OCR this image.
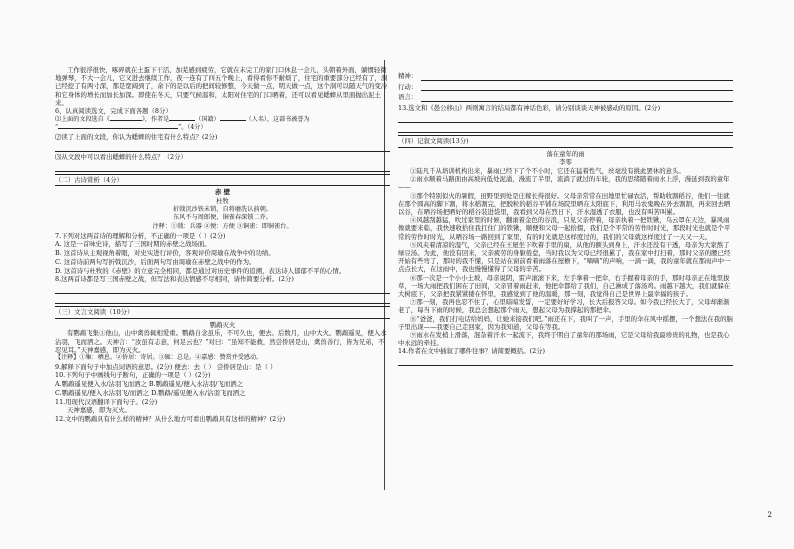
工作很浮很快，啄碎就在土蛋下干活，加芜感到疲劳，它就在未完工的家门口休息一会儿，头朝着外面，躺惯轻微地弹琴，不大一会儿，它又进去继续工作，夜一连有了四五个晚上，看得看你不耐烦了，住宅的重要部分已经有了，洞已经挖了有两寸深，那是宽阔到了，余下的是以后的把间较修整，今天做一点，明天做一点，这个洞可以随天气的变冷和它身体的增长而加长加深。即使在冬天，只要气候温和，太阳对住宅的门口晒着，还可以看见蟋蟀从里面抛出泥土来。

6、认真阅读选文，完成下面各题（8分）

⑴上面的文段选自《	》，作者是	（国籍）	（人名），这部书被誉为

“	”。（4分）

⑵读了上面的文段，你认为蟋蟀的住宅有什么特点？(2分)

⑶从文段中可以看出蟋蟀的什么特点？（2分）

（二）古诗赏析（4分）

赤 壁

杜牧

折戟沉沙铁未销，自将磨洗认前朝。

东风不与周郎便，铜雀春深锁二乔。

注释：①戟：兵器 ②便：方便 ③铜雀：即铜雀台。

7.下列对这两首诗的理解和分析，不正确的一项是（ ）(2分)

A. 这是一首咏史诗，描写了三国时期的赤壁之战场面。

B. 这首诗从主观视角着眼，对史实进行评价，客观评价周瑜在战争中的功绩。

C. 这首诗前两句写折戟沉沙，后面两句写由周瑜在赤壁之战中的作为。

D. 这首诗与杜牧的《赤壁》的立意完全相同，都是通过对历史事件的追溯，表达诗人郁郁不平的心情。

8.这两首诗都是写三国赤壁之战，但写法和表达情感不尽相同，请作简要分析。(2分)

（三）文言文阅读（10分）

鹦鹉灭火

有鹦鹉飞集①他山，山中禽兽辄相爱重。鹦鹉自念虽乐，不可久也，便去。后数月，山中大火。鹦鹉遥见，便入水沾羽，飞而洒之。天神言：“汝虽有志意，何足云也？”对曰：“虽知不能救，然尝侨居是山，禽兽善行，皆为兄弟，不忍见耳。”天神嘉感，即为灭火。

【注释】①集：栖息。②侨居：寄居。③辄：总是。④嘉感：赞赏并受感动。

9.解释下面句子中加点词语的意思。(2分) 便去：去（ ） 尝侨居是山：是（ ）

10.下列句子中画线句子断句，正确的一项是（ ）(2分)

A.鹦鹉遥见便入水/沾羽飞而洒之 B.鹦鹉遥见/便入水沾羽/飞而洒之

C.鹦鹉遥见/便入水沾羽飞/而洒之 D.鹦鹉/遥见便入水/沾羽飞而洒之

11.用现代汉语翻译下面句子。(2分)

天神嘉感，即为灭火。

12.文中的鹦鹉具有什么样的精神？从什么地方可看出鹦鹉具有这样的精神？(2分)

精神：
行动：
语言：

13.选文和《愚公移山》两则寓言的结局都有神话色彩，请分别谈谈天神被感动的原因。(2分)

（四）记叙文阅读(13分)

落在童年的雨

李零

①陆凡千从培训机构出来，暴雨已经下了个不小时，它还在猛着性气，丝毫没有挑此罢休的意头。

②雨水顺着马路面由高坡向低处泥涌，漫流了半里，流淌了就过的车轮，我的思绪随着雨水上浮，漫延到我的童年——

③那个特别似火的暑假，田野里到处是庄稼长得很好。父母亲常常在田地里忙碌农活，帮助收割稻谷，他们一往就在那个圆高的脚下割，将水稻割完，把脱粒的稻谷平铺在场院里晒在太阳底下，利用马农鬼晚在外去割割，再来回去晒以谷，在晒谷场把晒好的稻谷装进袋里，我看到父母在烈日下，汗水湿透了衣服，也没有叫苦叫累。

④风越刮越猛，吹过家里的时候，翻滚着金色的谷浪，只见父亲停着，母亲执着一把铁锹，乌云罩在天边，暴风雨像就要来临，我快速收拾住我扛住门的铁锹，顺便和父母一起拾掇，我们是个平常的劳作时时光，那段时光也就是个平常的劳作时时光，从晒谷场一路回到了家里，有的时光就是这样度过的，我们的父母就这样度过了一天又一天。

⑤风夹着清凉的湿气，父亲已经在王屋坐下吹着手里的扇，从他的额头到身上，汗水还没有干透，母亲为大家熬了绿豆汤。为此，他没有回来，父亲疲劳的身躯倦怠，当时我以为父母已经很累了，我在家中打扫着，那时父亲的腰已经开始有些弯了，那时的我不懂，只是站在窗前看着雨落在屋檐下，“嘀嘀”的声响，一滴一滴，我的童年就在那雨声中一点点长大，在这雨中，我也慢慢懂得了父母的辛苦。

⑥那一次是一个小小土坡，母亲说阴，雷声滚滚下来，左手拿着一把伞，右手握着母亲的手，那时母亲正在地里拔草，一场大雨把我们困在了田间，父亲冒着雨赶来，他把伞都给了我们，自己淋成了落汤鸡。雨越下越大，我们就躲在大树底下，父亲把我紧紧搂在怀里，我感觉到了他的温暖，那一刻，我觉得自己是世界上最幸福的孩子。

⑦那一刻，我再也忍不住了，心里暗暗发誓，一定要好好学习，长大后报答父母。如今我已经长大了，父母却渐渐老了，每当下雨的时候，我总会想起那个雨天，想起父母为我撑起的那把伞。

⑧“爸爸，我们打电话给妈妈，让她来接我们吧。”雨还在下，我叫了一声，手里的伞在风中摇摆，一个想法在我的脑子里出现——我要自己走回家，因为我知道，父母在等我。

⑨雨水在发梢上滑落，混杂着汗水一起流下，我终于明白了童年的那场雨，它是父母给我最珍贵的礼物，也是我心中永远的牵挂。

14.作者在文中插叙了哪件往事？请简要概括。(2分)

2
